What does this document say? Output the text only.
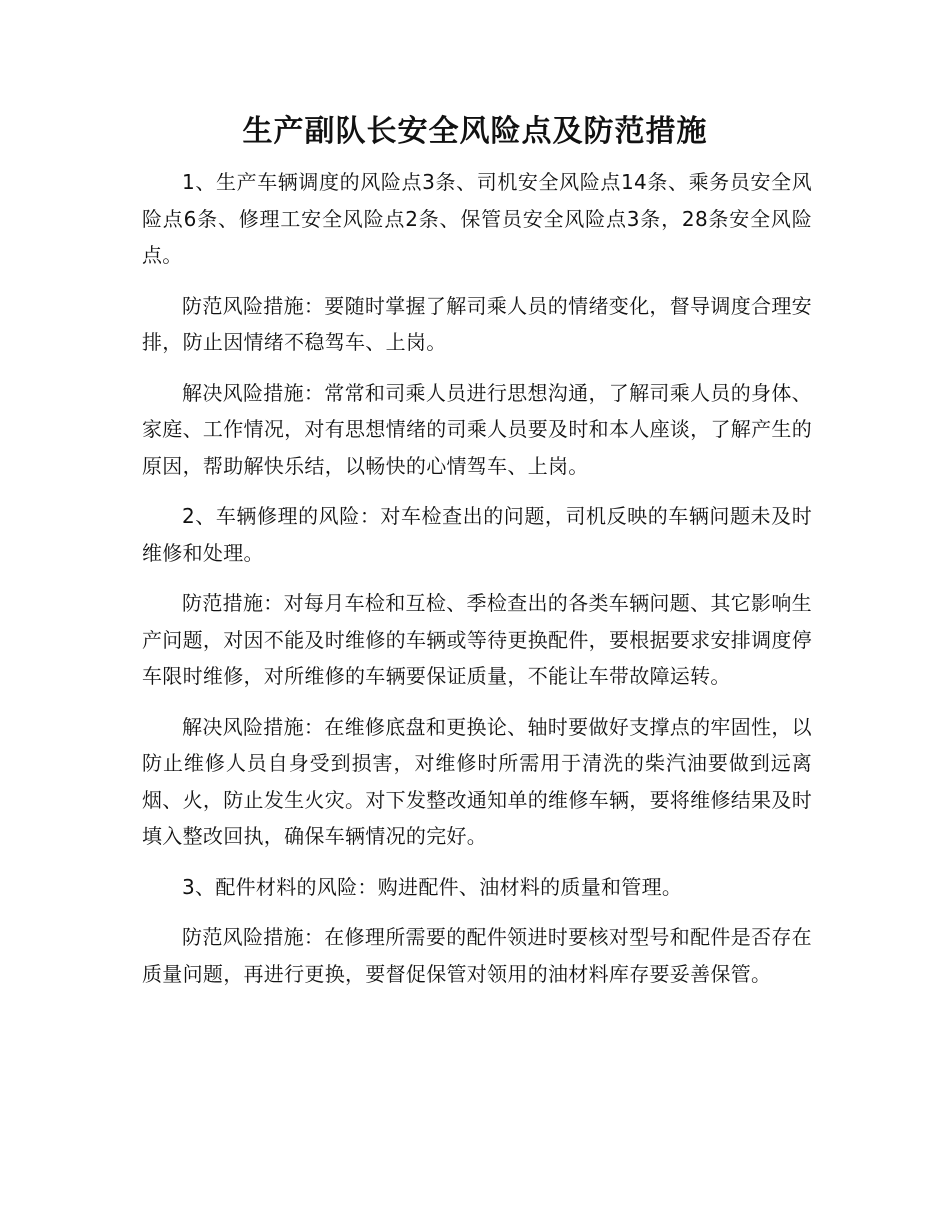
生产副队长安全风险点及防范措施

1、生产车辆调度的风险点3条、司机安全风险点14条、乘务员安全风险点6条、修理工安全风险点2条、保管员安全风险点3条，28条安全风险点。

防范风险措施：要随时掌握了解司乘人员的情绪变化，督导调度合理安排，防止因情绪不稳驾车、上岗。

解决风险措施：常常和司乘人员进行思想沟通，了解司乘人员的身体、家庭、工作情况，对有思想情绪的司乘人员要及时和本人座谈，了解产生的原因，帮助解快乐结，以畅快的心情驾车、上岗。

2、车辆修理的风险：对车检查出的问题，司机反映的车辆问题未及时维修和处理。

防范措施：对每月车检和互检、季检查出的各类车辆问题、其它影响生产问题，对因不能及时维修的车辆或等待更换配件，要根据要求安排调度停车限时维修，对所维修的车辆要保证质量，不能让车带故障运转。

解决风险措施：在维修底盘和更换论、轴时要做好支撑点的牢固性，以防止维修人员自身受到损害，对维修时所需用于清洗的柴汽油要做到远离烟、火，防止发生火灾。对下发整改通知单的维修车辆，要将维修结果及时填入整改回执，确保车辆情况的完好。

3、配件材料的风险：购进配件、油材料的质量和管理。

防范风险措施：在修理所需要的配件领进时要核对型号和配件是否存在质量问题，再进行更换，要督促保管对领用的油材料库存要妥善保管。
